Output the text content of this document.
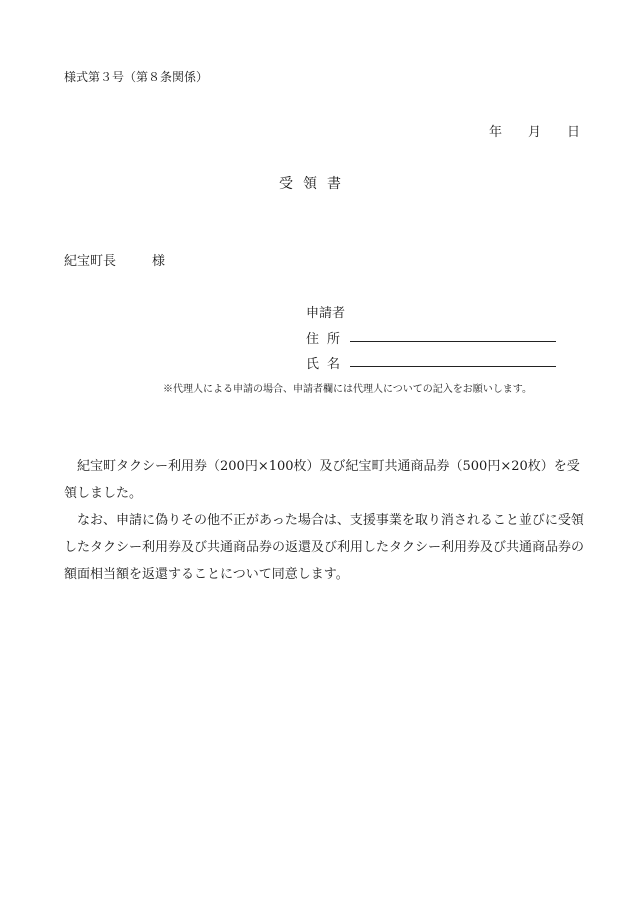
様式第３号（第８条関係）
年 月 日
受領書
紀宝町長	様
申請者
住所
氏名
※代理人による申請の場合、申請者欄には代理人についての記入をお願いします。

紀宝町タクシー利用券（200円×100枚）及び紀宝町共通商品券（500円×20枚）を受領しました。

なお、申請に偽りその他不正があった場合は、支援事業を取り消されること並びに受領したタクシー利用券及び共通商品券の返還及び利用したタクシー利用券及び共通商品券の額面相当額を返還することについて同意します。
